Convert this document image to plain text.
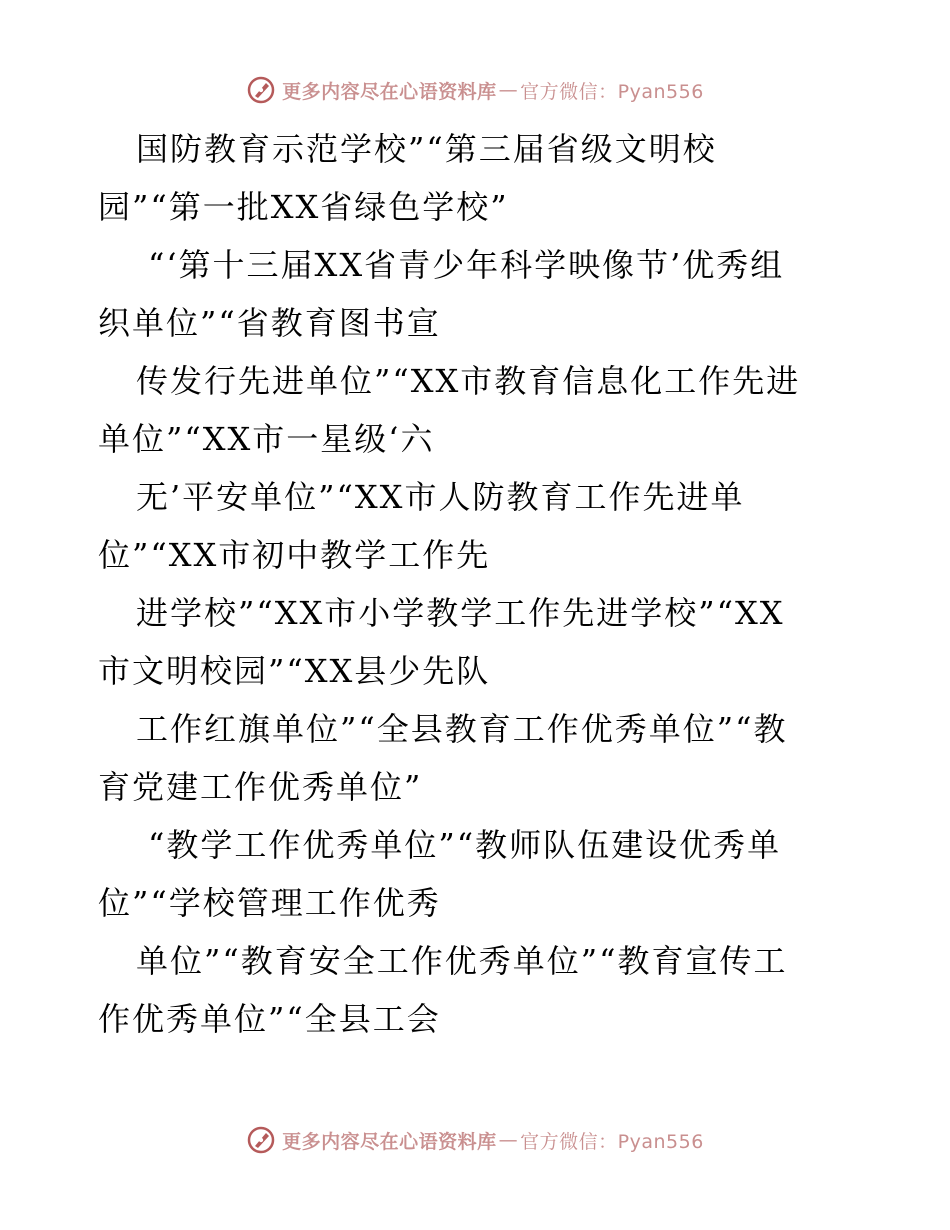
更多内容尽在心语资料库 — 官方微信：Pyan556
国防教育示范学校”“第三届省级文明校
园”“第一批XX省绿色学校”
“‘第十三届XX省青少年科学映像节’优秀组
织单位”“省教育图书宣
传发行先进单位”“XX市教育信息化工作先进
单位”“XX市一星级‘六
无’平安单位”“XX市人防教育工作先进单
位”“XX市初中教学工作先
进学校”“XX市小学教学工作先进学校”“XX
市文明校园”“XX县少先队
工作红旗单位”“全县教育工作优秀单位”“教
育党建工作优秀单位”
“教学工作优秀单位”“教师队伍建设优秀单
位”“学校管理工作优秀
单位”“教育安全工作优秀单位”“教育宣传工
作优秀单位”“全县工会
更多内容尽在心语资料库 — 官方微信：Pyan556
